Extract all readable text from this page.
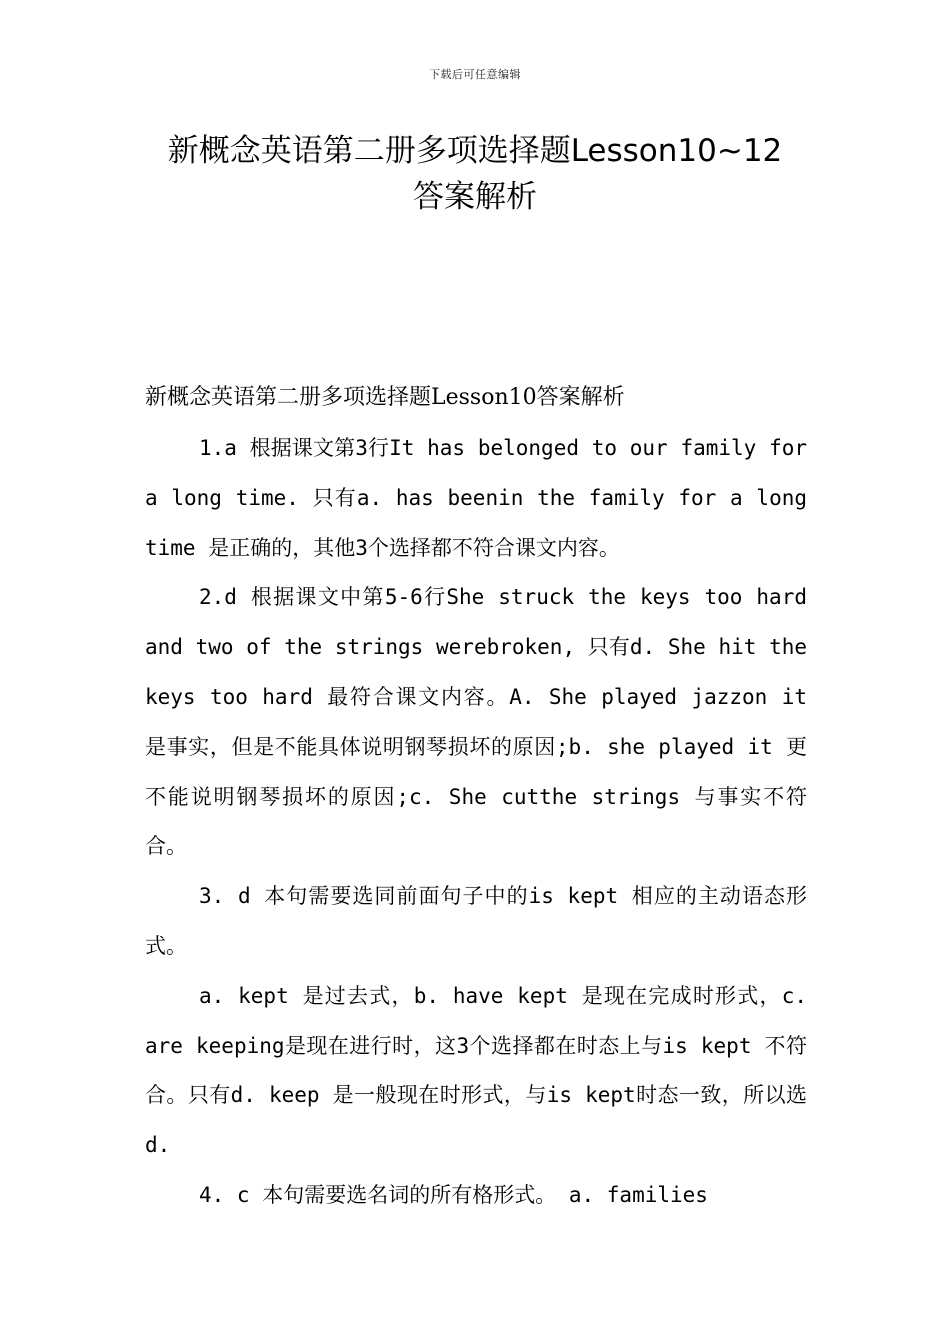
下载后可任意编辑
新概念英语第二册多项选择题Lesson10~12
答案解析
新概念英语第二册多项选择题Lesson10答案解析

1.a 根据课文第3行It has belonged to our family for a long time. 只有a. has beenin the family for a long time 是正确的，其他3个选择都不符合课文内容。

2.d 根据课文中第5-6行She struck the keys too hard and two of the strings werebroken, 只有d. She hit the keys too hard 最符合课文内容。A. She played jazzon it 是事实，但是不能具体说明钢琴损坏的原因;b. she played it 更不能说明钢琴损坏的原因;c. She cutthe strings 与事实不符合。

3. d 本句需要选同前面句子中的is kept 相应的主动语态形式。

a. kept 是过去式，b. have kept 是现在完成时形式，c. are keeping是现在进行时，这3个选择都在时态上与is kept 不符合。只有d. keep 是一般现在时形式，与is kept时态一致，所以选d.

4. c 本句需要选名词的所有格形式。 a. families
